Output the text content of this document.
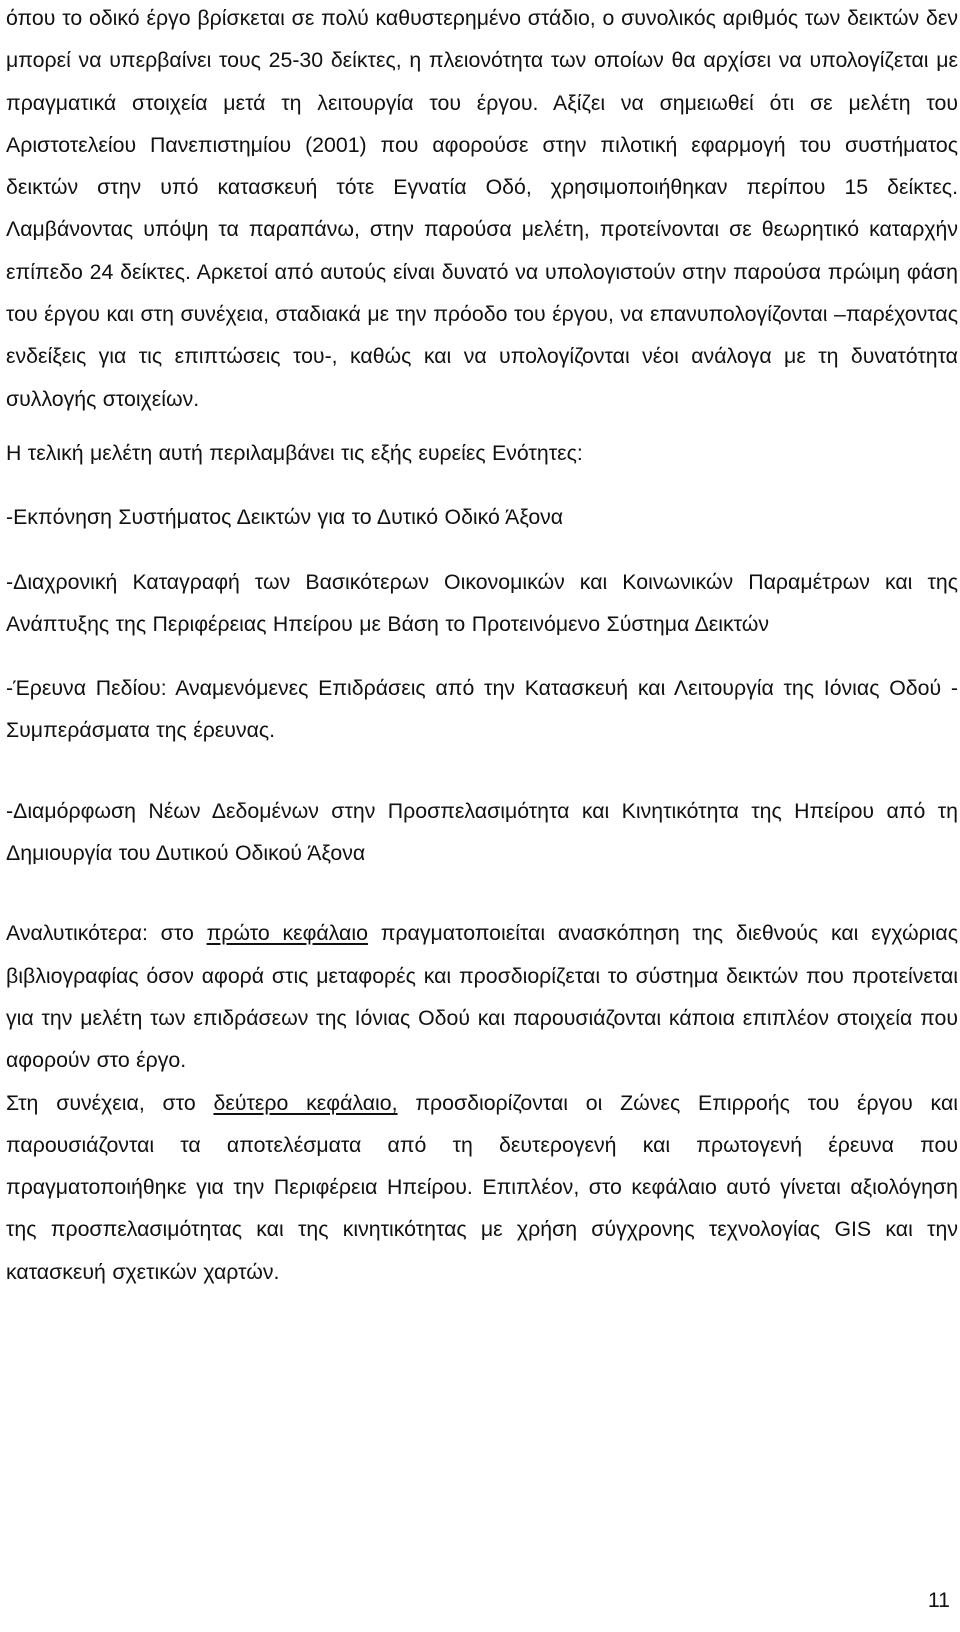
όπου το οδικό έργο βρίσκεται σε πολύ καθυστερημένο στάδιο, ο συνολικός αριθμός των δεικτών δεν μπορεί να υπερβαίνει τους 25-30 δείκτες, η πλειονότητα των οποίων θα αρχίσει να υπολογίζεται με πραγματικά στοιχεία μετά τη λειτουργία του έργου. Αξίζει να σημειωθεί ότι σε μελέτη του Αριστοτελείου Πανεπιστημίου (2001) που αφορούσε στην πιλοτική εφαρμογή του συστήματος δεικτών στην υπό κατασκευή τότε Εγνατία Οδό, χρησιμοποιήθηκαν περίπου 15 δείκτες. Λαμβάνοντας υπόψη τα παραπάνω, στην παρούσα μελέτη, προτείνονται σε θεωρητικό καταρχήν επίπεδο 24 δείκτες. Αρκετοί από αυτούς είναι δυνατό να υπολογιστούν στην παρούσα πρώιμη φάση του έργου και στη συνέχεια, σταδιακά με την πρόοδο του έργου, να επανυπολογίζονται –παρέχοντας ενδείξεις για τις επιπτώσεις του-, καθώς και να υπολογίζονται νέοι ανάλογα με τη δυνατότητα συλλογής στοιχείων.

Η τελική μελέτη αυτή περιλαμβάνει τις εξής ευρείες Ενότητες:

-Εκπόνηση Συστήματος Δεικτών για το Δυτικό Οδικό Άξονα

-Διαχρονική Καταγραφή των Βασικότερων Οικονομικών και Κοινωνικών Παραμέτρων και της Ανάπτυξης της Περιφέρειας Ηπείρου με Βάση το Προτεινόμενο Σύστημα Δεικτών

-Έρευνα Πεδίου: Αναμενόμενες Επιδράσεις από την Κατασκευή και Λειτουργία της Ιόνιας Οδού - Συμπεράσματα της έρευνας.

-Διαμόρφωση Νέων Δεδομένων στην Προσπελασιμότητα και Κινητικότητα της Ηπείρου από τη Δημιουργία του Δυτικού Οδικού Άξονα

Αναλυτικότερα: στο πρώτο κεφάλαιο πραγματοποιείται ανασκόπηση της διεθνούς και εγχώριας βιβλιογραφίας όσον αφορά στις μεταφορές και προσδιορίζεται το σύστημα δεικτών που προτείνεται για την μελέτη των επιδράσεων της Ιόνιας Οδού και παρουσιάζονται κάποια επιπλέον στοιχεία που αφορούν στο έργο.

Στη συνέχεια, στο δεύτερο κεφάλαιο, προσδιορίζονται οι Ζώνες Επιρροής του έργου και παρουσιάζονται τα αποτελέσματα από τη δευτερογενή και πρωτογενή έρευνα που πραγματοποιήθηκε για την Περιφέρεια Ηπείρου. Επιπλέον, στο κεφάλαιο αυτό γίνεται αξιολόγηση της προσπελασιμότητας και της κινητικότητας με χρήση σύγχρονης τεχνολογίας GIS και την κατασκευή σχετικών χαρτών.

11
